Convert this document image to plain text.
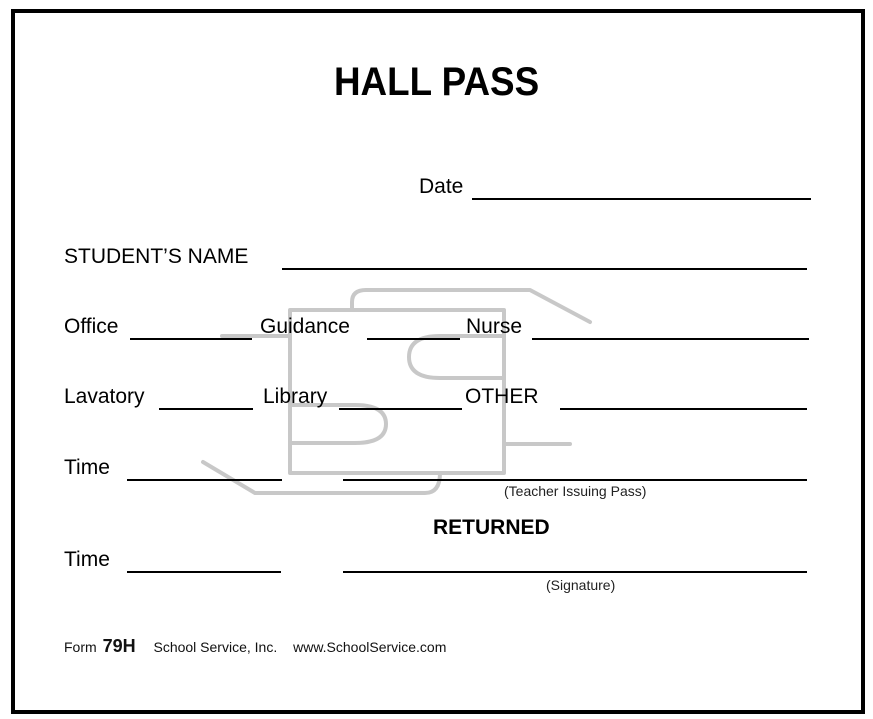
HALL PASS
Date
STUDENT’S NAME
Office	Guidance	Nurse
Lavatory	Library	OTHER
Time
(Teacher Issuing Pass)
RETURNED
Time
(Signature)
Form 79H School Service, Inc. www.SchoolService.com
